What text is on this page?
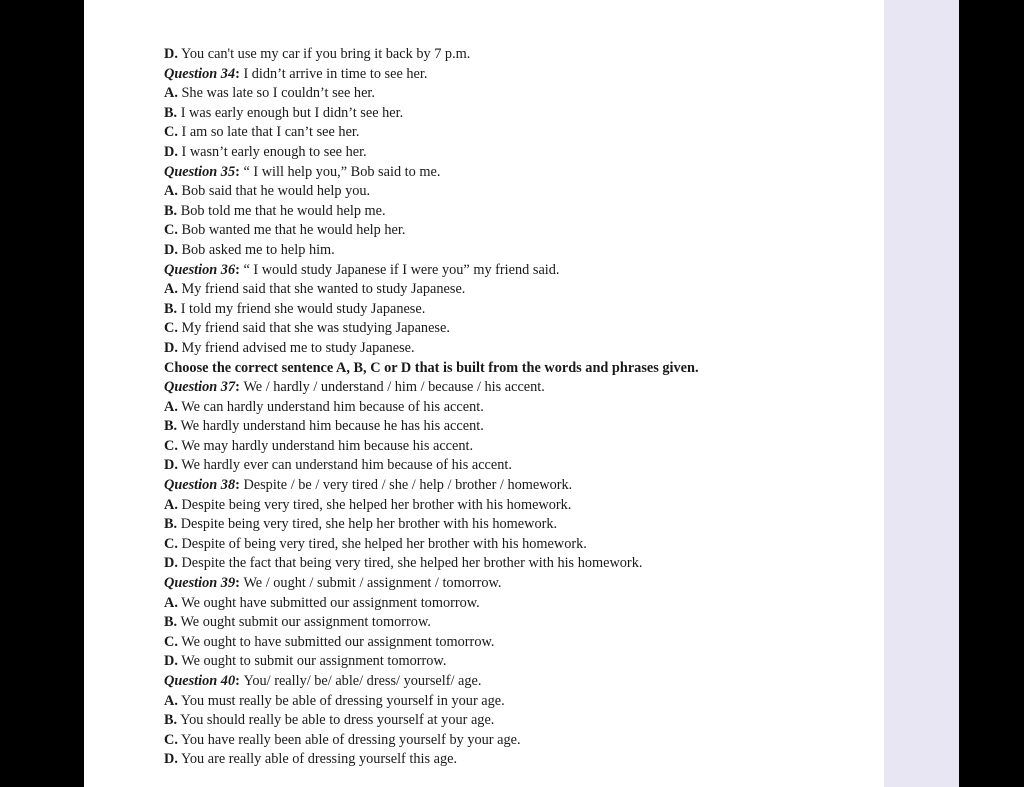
D. You can't use my car if you bring it back by 7 p.m.
Question 34: I didn’t arrive in time to see her.
A. She was late so I couldn’t see her.
B. I was early enough but I didn’t see her.
C. I am so late that I can’t see her.
D. I wasn’t early enough to see her.
Question 35: “ I will help you,” Bob said to me.
A. Bob said that he would help you.
B. Bob told me that he would help me.
C. Bob wanted me that he would help her.
D. Bob asked me to help him.
Question 36: “ I would study Japanese if I were you” my friend said.
A. My friend said that she wanted to study Japanese.
B. I told my friend she would study Japanese.
C. My friend said that she was studying Japanese.
D. My friend advised me to study Japanese.
Choose the correct sentence A, B, C or D that is built from the words and phrases given.
Question 37: We / hardly / understand / him / because / his accent.
A. We can hardly understand him because of his accent.
B. We hardly understand him because he has his accent.
C. We may hardly understand him because his accent.
D. We hardly ever can understand him because of his accent.
Question 38: Despite / be / very tired / she / help / brother / homework.
A. Despite being very tired, she helped her brother with his homework.
B. Despite being very tired, she help her brother with his homework.
C. Despite of being very tired, she helped her brother with his homework.
D. Despite the fact that being very tired, she helped her brother with his homework.
Question 39: We / ought / submit / assignment / tomorrow.
A. We ought have submitted our assignment tomorrow.
B. We ought submit our assignment tomorrow.
C. We ought to have submitted our assignment tomorrow.
D. We ought to submit our assignment tomorrow.
Question 40: You/ really/ be/ able/ dress/ yourself/ age.
A. You must really be able of dressing yourself in your age.
B. You should really be able to dress yourself at your age.
C. You have really been able of dressing yourself by your age.
D. You are really able of dressing yourself this age.
